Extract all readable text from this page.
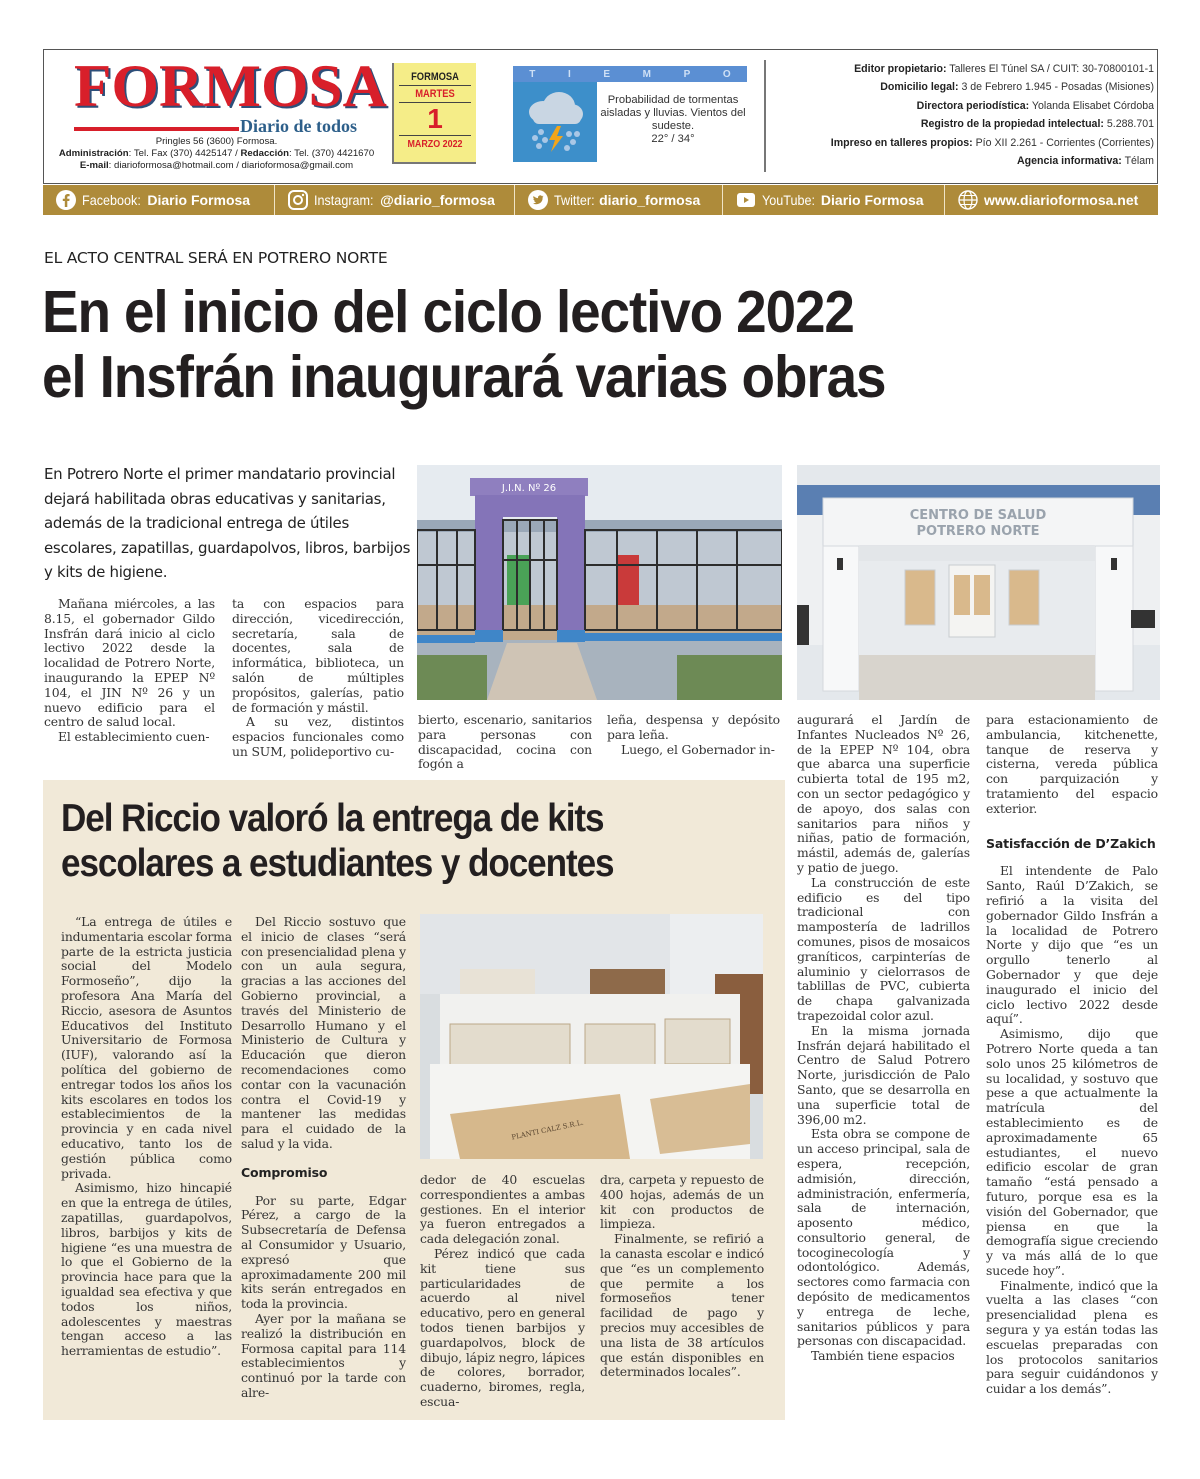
FORMOSA
Diario de todos
Pringles 56 (3600) Formosa.
Administración: Tel. Fax (370) 4425147 / Redacción: Tel. (370) 4421670
E-mail: diarioformosa@hotmail.com / diarioformosa@gmail.com
FORMOSA
MARTES
1
MARZO 2022
T	I	E	M	P	O
Probabilidad de tormentas aisladas y lluvias. Vientos del sudeste.
22° / 34°
Editor propietario: Talleres El Túnel SA / CUIT: 30-70800101-1
Domicilio legal: 3 de Febrero 1.945 - Posadas (Misiones)
Directora periodística: Yolanda Elisabet Córdoba
Registro de la propiedad intelectual: 5.288.701
Impreso en talleres propios: Pío XII 2.261 - Corrientes (Corrientes)
Agencia informativa: Télam
Facebook: Diario Formosa	Instagram: @diario_formosa	Twitter: diario_formosa	YouTube: Diario Formosa	www.diarioformosa.net
EL ACTO CENTRAL SERÁ EN POTRERO NORTE
En el inicio del ciclo lectivo 2022
el Insfrán inaugurará varias obras

En Potrero Norte el primer mandatario provincial dejará habilitada obras educativas y sanitarias, además de la tradicional entrega de útiles escolares, zapatillas, guardapolvos, libros, barbijos y kits de higiene.

J.I.N. Nº 26
CENTRO DE SALUD
POTRERO NORTE

Mañana miércoles, a las 8.15, el gobernador Gildo Insfrán dará inicio al ciclo lectivo 2022 desde la localidad de Potrero Norte, inaugurando la EPEP Nº 104, el JIN Nº 26 y un nuevo edificio para el centro de salud local.

El establecimiento cuen-

ta con espacios para dirección, vicedirección, secretaría, sala de docentes, sala de informática, biblioteca, un salón de múltiples propósitos, galerías, patio de formación y mástil.

A su vez, distintos espacios funcionales como un SUM, polideportivo cu-

bierto, escenario, sanitarios para personas con discapacidad, cocina con fogón a

leña, despensa y depósito para leña.

Luego, el Gobernador in-

augurará el Jardín de Infantes Nucleados Nº 26, de la EPEP Nº 104, obra que abarca una superficie cubierta total de 195 m2, con un sector pedagógico y de apoyo, dos salas con sanitarios para niños y niñas, patio de formación, mástil, además de, galerías y patio de juego.

La construcción de este edificio es del tipo tradicional con mampostería de ladrillos comunes, pisos de mosaicos graníticos, carpinterías de aluminio y cielorrasos de tablillas de PVC, cubierta de chapa galvanizada trapezoidal color azul.

En la misma jornada Insfrán dejará habilitado el Centro de Salud Potrero Norte, jurisdicción de Palo Santo, que se desarrolla en una superficie total de 396,00 m2.

Esta obra se compone de un acceso principal, sala de espera, recepción, admisión, dirección, administración, enfermería, sala de internación, aposento médico, consultorio general, de tocoginecología y odontológico. Además, sectores como farmacia con depósito de medicamentos y entrega de leche, sanitarios públicos y para personas con discapacidad.

También tiene espacios

para estacionamiento de ambulancia, kitchenette, tanque de reserva y cisterna, vereda pública con parquización y tratamiento del espacio exterior.

Satisfacción de D’Zakich

El intendente de Palo Santo, Raúl D’Zakich, se refirió a la visita del gobernador Gildo Insfrán a la localidad de Potrero Norte y dijo que “es un orgullo tenerlo al Gobernador y que deje inaugurado el inicio del ciclo lectivo 2022 desde aquí”.

Asimismo, dijo que Potrero Norte queda a tan solo unos 25 kilómetros de su localidad, y sostuvo que pese a que actualmente la matrícula del establecimiento es de aproximadamente 65 estudiantes, el nuevo edificio escolar de gran tamaño “está pensado a futuro, porque esa es la visión del Gobernador, que piensa en que la demografía sigue creciendo y va más allá de lo que sucede hoy”.

Finalmente, indicó que la vuelta a las clases “con presencialidad plena es segura y ya están todas las escuelas preparadas con los protocolos sanitarios para seguir cuidándonos y cuidar a los demás”.

Del Riccio valoró la entrega de kits
escolares a estudiantes y docentes
PLANTI CALZ S.R.L.

“La entrega de útiles e indumentaria escolar forma parte de la estricta justicia social del Modelo Formoseño”, dijo la profesora Ana María del Riccio, asesora de Asuntos Educativos del Instituto Universitario de Formosa (IUF), valorando así la política del gobierno de entregar todos los años los kits escolares en todos los establecimientos de la provincia y en cada nivel educativo, tanto los de gestión pública como privada.

Asimismo, hizo hincapié en que la entrega de útiles, zapatillas, guardapolvos, libros, barbijos y kits de higiene “es una muestra de lo que el Gobierno de la provincia hace para que la igualdad sea efectiva y que todos los niños, adolescentes y maestras tengan acceso a las herramientas de estudio”.

Del Riccio sostuvo que el inicio de clases “será con presencialidad plena y con un aula segura, gracias a las acciones del Gobierno provincial, a través del Ministerio de Desarrollo Humano y el Ministerio de Cultura y Educación que dieron recomendaciones como contar con la vacunación contra el Covid-19 y mantener las medidas para el cuidado de la salud y la vida.

Compromiso

Por su parte, Edgar Pérez, a cargo de la Subsecretaría de Defensa al Consumidor y Usuario, expresó que aproximadamente 200 mil kits serán entregados en toda la provincia.

Ayer por la mañana se realizó la distribución en Formosa capital para 114 establecimientos y continuó por la tarde con alre-

dedor de 40 escuelas correspondientes a ambas gestiones. En el interior ya fueron entregados a cada delegación zonal.

Pérez indicó que cada kit tiene sus particularidades de acuerdo al nivel educativo, pero en general todos tienen barbijos y guardapolvos, block de dibujo, lápiz negro, lápices de colores, borrador, cuaderno, biromes, regla, escua-

dra, carpeta y repuesto de 400 hojas, además de un kit con productos de limpieza.

Finalmente, se refirió a la canasta escolar e indicó que “es un complemento que permite a los formoseños tener facilidad de pago y precios muy accesibles de una lista de 38 artículos que están disponibles en determinados locales”.
